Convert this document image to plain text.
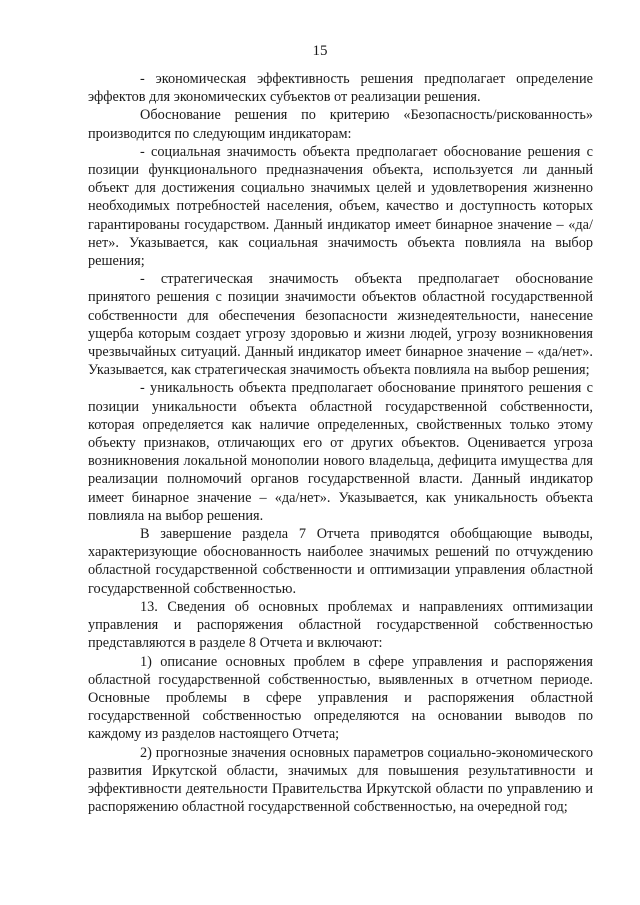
15

- экономическая эффективность решения предполагает определение эффектов для экономических субъектов от реализации решения.

Обоснование решения по критерию «Безопасность/рискованность» производится по следующим индикаторам:

- социальная значимость объекта предполагает обоснование решения с позиции функционального предназначения объекта, используется ли данный объект для достижения социально значимых целей и удовлетворения жизненно необходимых потребностей населения, объем, качество и доступность которых гарантированы государством. Данный индикатор имеет бинарное значение – «да/нет». Указывается, как социальная значимость объекта повлияла на выбор решения;

- стратегическая значимость объекта предполагает обоснование принятого решения с позиции значимости объектов областной государственной собственности для обеспечения безопасности жизнедеятельности, нанесение ущерба которым создает угрозу здоровью и жизни людей, угрозу возникновения чрезвычайных ситуаций. Данный индикатор имеет бинарное значение – «да/нет». Указывается, как стратегическая значимость объекта повлияла на выбор решения;

- уникальность объекта предполагает обоснование принятого решения с позиции уникальности объекта областной государственной собственности, которая определяется как наличие определенных, свойственных только этому объекту признаков, отличающих его от других объектов. Оценивается угроза возникновения локальной монополии нового владельца, дефицита имущества для реализации полномочий органов государственной власти. Данный индикатор имеет бинарное значение – «да/нет». Указывается, как уникальность объекта повлияла на выбор решения.

В завершение раздела 7 Отчета приводятся обобщающие выводы, характеризующие обоснованность наиболее значимых решений по отчуждению областной государственной собственности и оптимизации управления областной государственной собственностью.

13. Сведения об основных проблемах и направлениях оптимизации управления и распоряжения областной государственной собственностью представляются в разделе 8 Отчета и включают:

1) описание основных проблем в сфере управления и распоряжения областной государственной собственностью, выявленных в отчетном периоде. Основные проблемы в сфере управления и распоряжения областной государственной собственностью определяются на основании выводов по каждому из разделов настоящего Отчета;

2) прогнозные значения основных параметров социально-экономического развития Иркутской области, значимых для повышения результативности и эффективности деятельности Правительства Иркутской области по управлению и распоряжению областной государственной собственностью, на очередной год;
